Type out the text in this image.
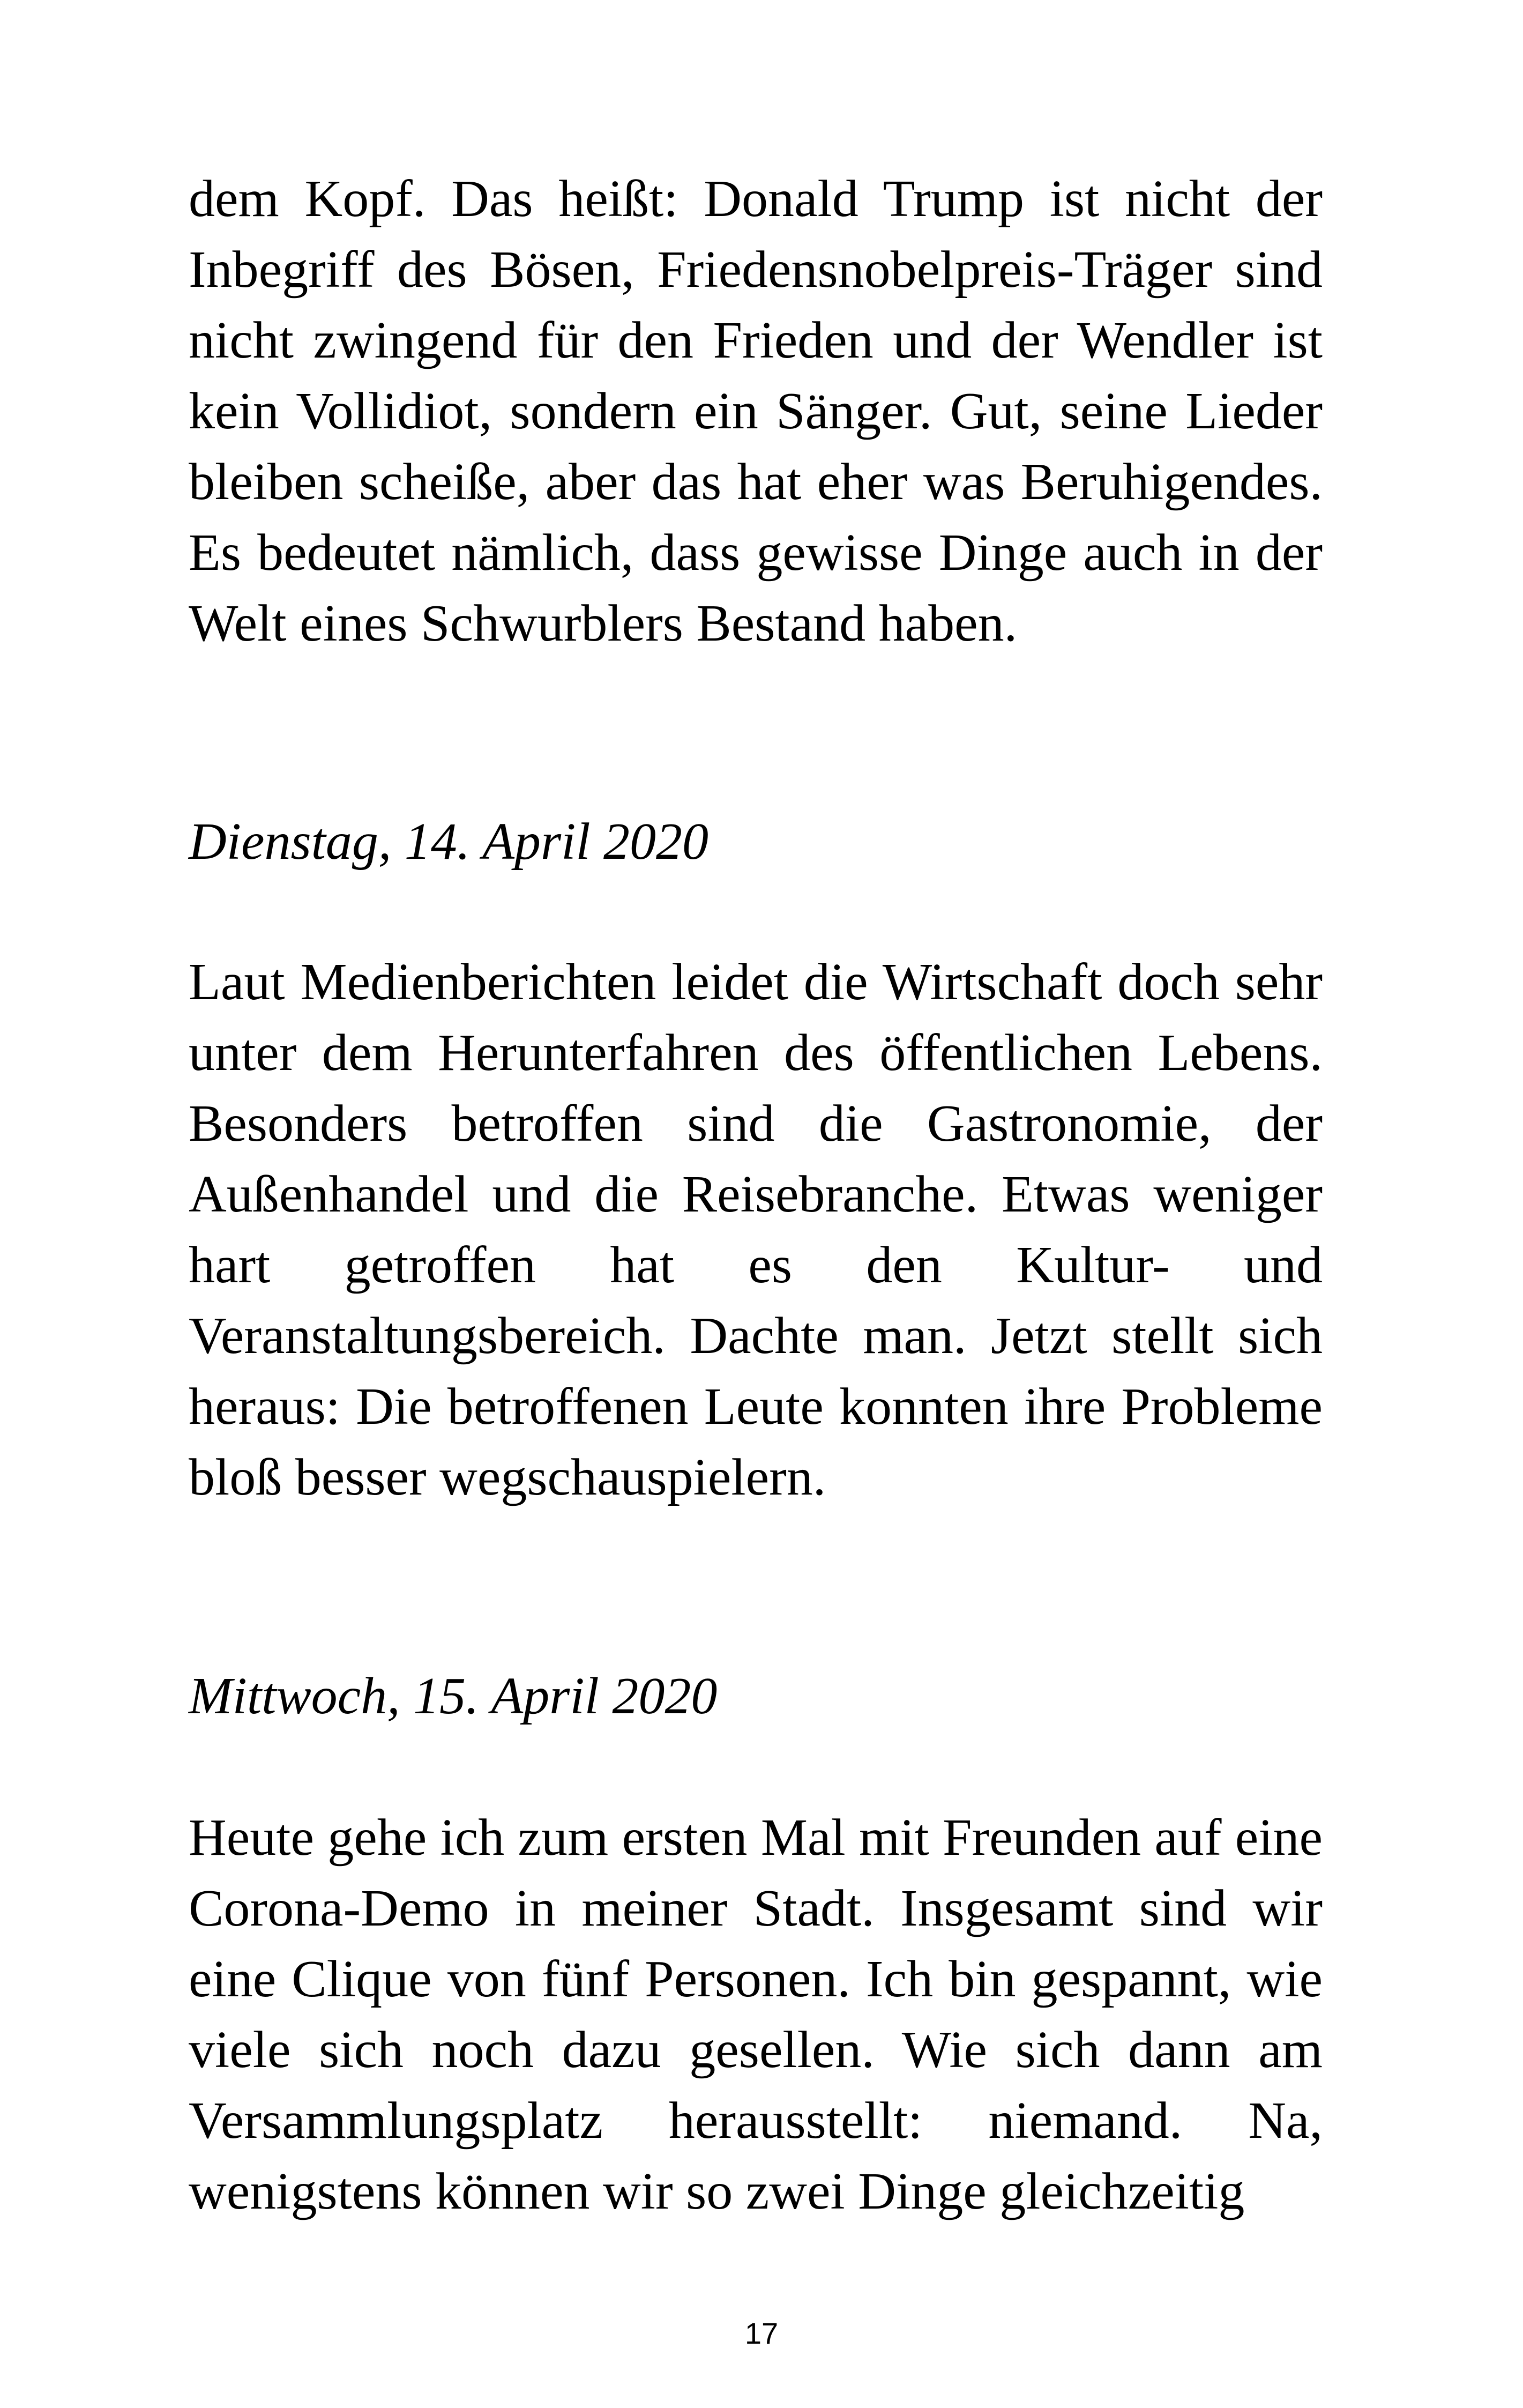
dem Kopf. Das heißt: Donald Trump ist nicht der Inbegriff des Bösen, Friedensnobelpreis-Träger sind nicht zwingend für den Frieden und der Wendler ist kein Vollidiot, sondern ein Sänger. Gut, seine Lieder bleiben scheiße, aber das hat eher was Beruhigendes. Es bedeutet nämlich, dass gewisse Dinge auch in der Welt eines Schwurblers Bestand haben.

Dienstag, 14. April 2020

Laut Medienberichten leidet die Wirtschaft doch sehr unter dem Herunterfahren des öffentlichen Lebens. Besonders betroffen sind die Gastronomie, der Außenhandel und die Reisebranche. Etwas weniger hart getroffen hat es den Kultur- und Veranstaltungsbereich. Dachte man. Jetzt stellt sich heraus: Die betroffenen Leute konnten ihre Probleme bloß besser wegschauspielern.

Mittwoch, 15. April 2020

Heute gehe ich zum ersten Mal mit Freunden auf eine Corona-Demo in meiner Stadt. Insgesamt sind wir eine Clique von fünf Personen. Ich bin gespannt, wie viele sich noch dazu gesellen. Wie sich dann am Versammlungsplatz herausstellt: niemand. Na, wenigstens können wir so zwei Dinge gleichzeitig

17
